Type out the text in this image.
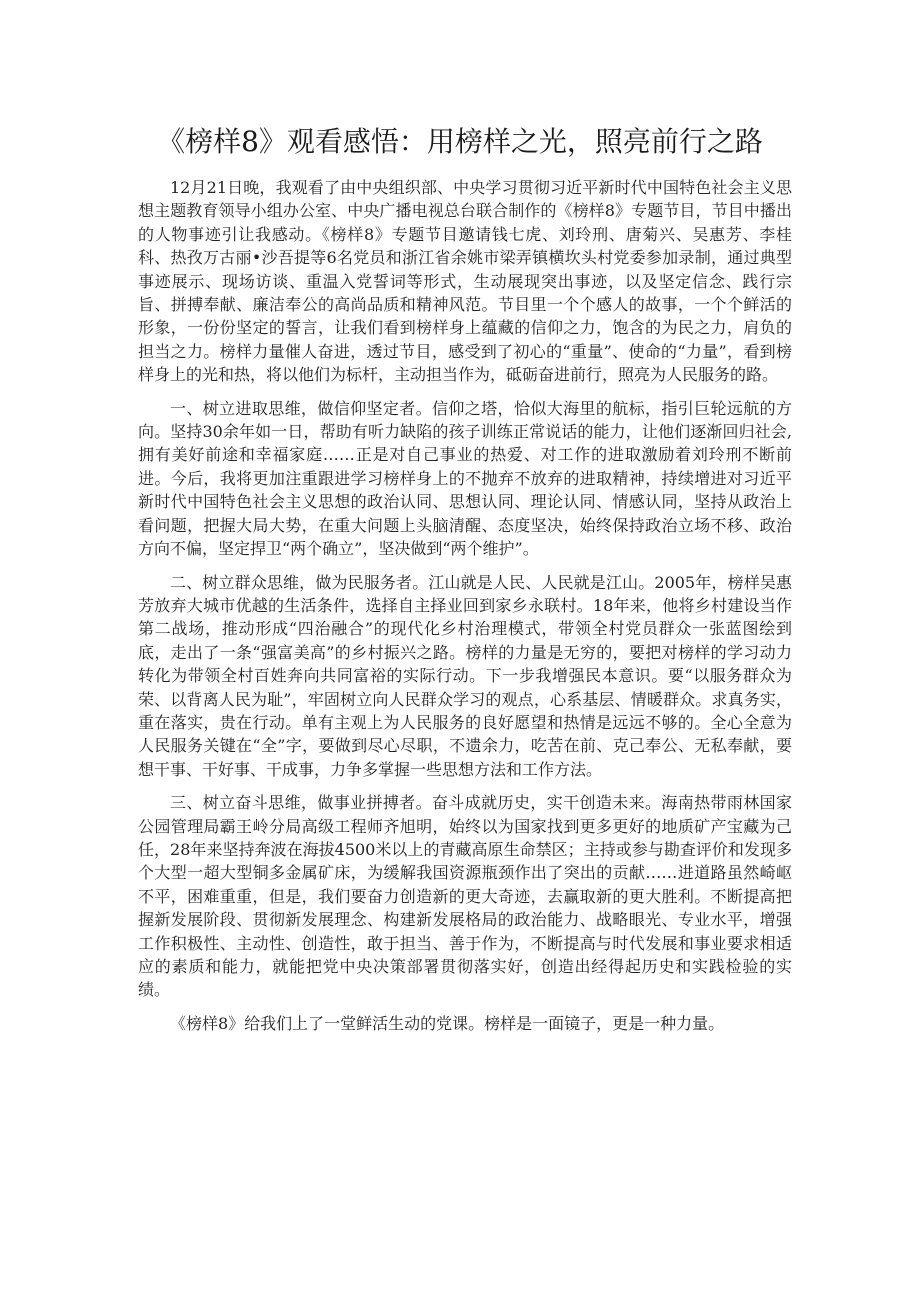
《榜样8》观看感悟：用榜样之光，照亮前行之路

12月21日晚，我观看了由中央组织部、中央学习贯彻习近平新时代中国特色社会主义思想主题教育领导小组办公室、中央广播电视总台联合制作的《榜样8》专题节目，节目中播出的人物事迹引让我感动。《榜样8》专题节目邀请钱七虎、刘玲刑、唐菊兴、吴惠芳、李桂科、热孜万古丽•沙吾提等6名党员和浙江省余姚市梁弄镇横坎头村党委参加录制，通过典型事迹展示、现场访谈、重温入党誓词等形式，生动展现突出事迹，以及坚定信念、践行宗旨、拼搏奉献、廉洁奉公的高尚品质和精神风范。节目里一个个感人的故事，一个个鲜活的形象，一份份坚定的誓言，让我们看到榜样身上蕴藏的信仰之力，饱含的为民之力，肩负的担当之力。榜样力量催人奋进，透过节目，感受到了初心的“重量”、使命的“力量”，看到榜样身上的光和热，将以他们为标杆，主动担当作为，砥砺奋进前行，照亮为人民服务的路。

一、树立进取思维，做信仰坚定者。信仰之塔，恰似大海里的航标，指引巨轮远航的方向。坚持30余年如一日，帮助有听力缺陷的孩子训练正常说话的能力，让他们逐渐回归社会,拥有美好前途和幸福家庭……正是对自己事业的热爱、对工作的进取激励着刘玲刑不断前进。今后，我将更加注重跟进学习榜样身上的不抛弃不放弃的进取精神，持续增进对习近平新时代中国特色社会主义思想的政治认同、思想认同、理论认同、情感认同，坚持从政治上看问题，把握大局大势，在重大问题上头脑清醒、态度坚决，始终保持政治立场不移、政治方向不偏，坚定捍卫“两个确立”，坚决做到“两个维护”。

二、树立群众思维，做为民服务者。江山就是人民、人民就是江山。2005年，榜样吴惠芳放弃大城市优越的生活条件，选择自主择业回到家乡永联村。18年来，他将乡村建设当作第二战场，推动形成“四治融合”的现代化乡村治理模式，带领全村党员群众一张蓝图绘到底，走出了一条“强富美高”的乡村振兴之路。榜样的力量是无穷的，要把对榜样的学习动力转化为带领全村百姓奔向共同富裕的实际行动。下一步我增强民本意识。要“以服务群众为荣、以背离人民为耻”，牢固树立向人民群众学习的观点，心系基层、情暖群众。求真务实，重在落实，贵在行动。单有主观上为人民服务的良好愿望和热情是远远不够的。全心全意为人民服务关键在“全”字，要做到尽心尽职，不遗余力，吃苦在前、克己奉公、无私奉献，要想干事、干好事、干成事，力争多掌握一些思想方法和工作方法。

三、树立奋斗思维，做事业拼搏者。奋斗成就历史，实干创造未来。海南热带雨林国家公园管理局霸王岭分局高级工程师齐旭明，始终以为国家找到更多更好的地质矿产宝藏为己任，28年来坚持奔波在海拔4500米以上的青藏高原生命禁区；主持或参与勘查评价和发现多个大型一超大型铜多金属矿床，为缓解我国资源瓶颈作出了突出的贡献……进道路虽然崎岖不平，困难重重，但是，我们要奋力创造新的更大奇迹，去赢取新的更大胜利。不断提高把握新发展阶段、贯彻新发展理念、构建新发展格局的政治能力、战略眼光、专业水平，增强工作积极性、主动性、创造性，敢于担当、善于作为，不断提高与时代发展和事业要求相适应的素质和能力，就能把党中央决策部署贯彻落实好，创造出经得起历史和实践检验的实绩。

《榜样8》给我们上了一堂鲜活生动的党课。榜样是一面镜子，更是一种力量。
